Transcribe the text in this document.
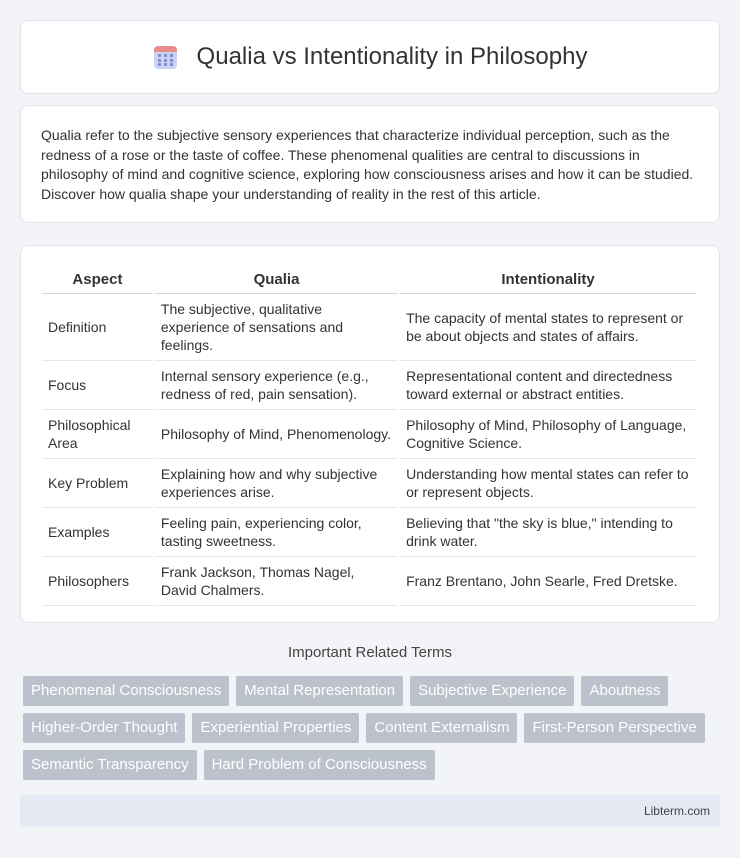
Qualia vs Intentionality in Philosophy

Qualia refer to the subjective sensory experiences that characterize individual perception, such as the redness of a rose or the taste of coffee. These phenomenal qualities are central to discussions in philosophy of mind and cognitive science, exploring how consciousness arises and how it can be studied. Discover how qualia shape your understanding of reality in the rest of this article.

Aspect	Qualia	Intentionality
Definition	The subjective, qualitative experience of sensations and feelings.	The capacity of mental states to represent or be about objects and states of affairs.
Focus	Internal sensory experience (e.g., redness of red, pain sensation).	Representational content and directedness toward external or abstract entities.
Philosophical Area	Philosophy of Mind, Phenomenology.	Philosophy of Mind, Philosophy of Language, Cognitive Science.
Key Problem	Explaining how and why subjective experiences arise.	Understanding how mental states can refer to or represent objects.
Examples	Feeling pain, experiencing color, tasting sweetness.	Believing that "the sky is blue," intending to drink water.
Philosophers	Frank Jackson, Thomas Nagel, David Chalmers.	Franz Brentano, John Searle, Fred Dretske.
Important Related Terms
Phenomenal Consciousness	Mental Representation	Subjective Experience	Aboutness
Higher-Order Thought	Experiential Properties	Content Externalism	First-Person Perspective
Semantic Transparency	Hard Problem of Consciousness
Libterm.com
